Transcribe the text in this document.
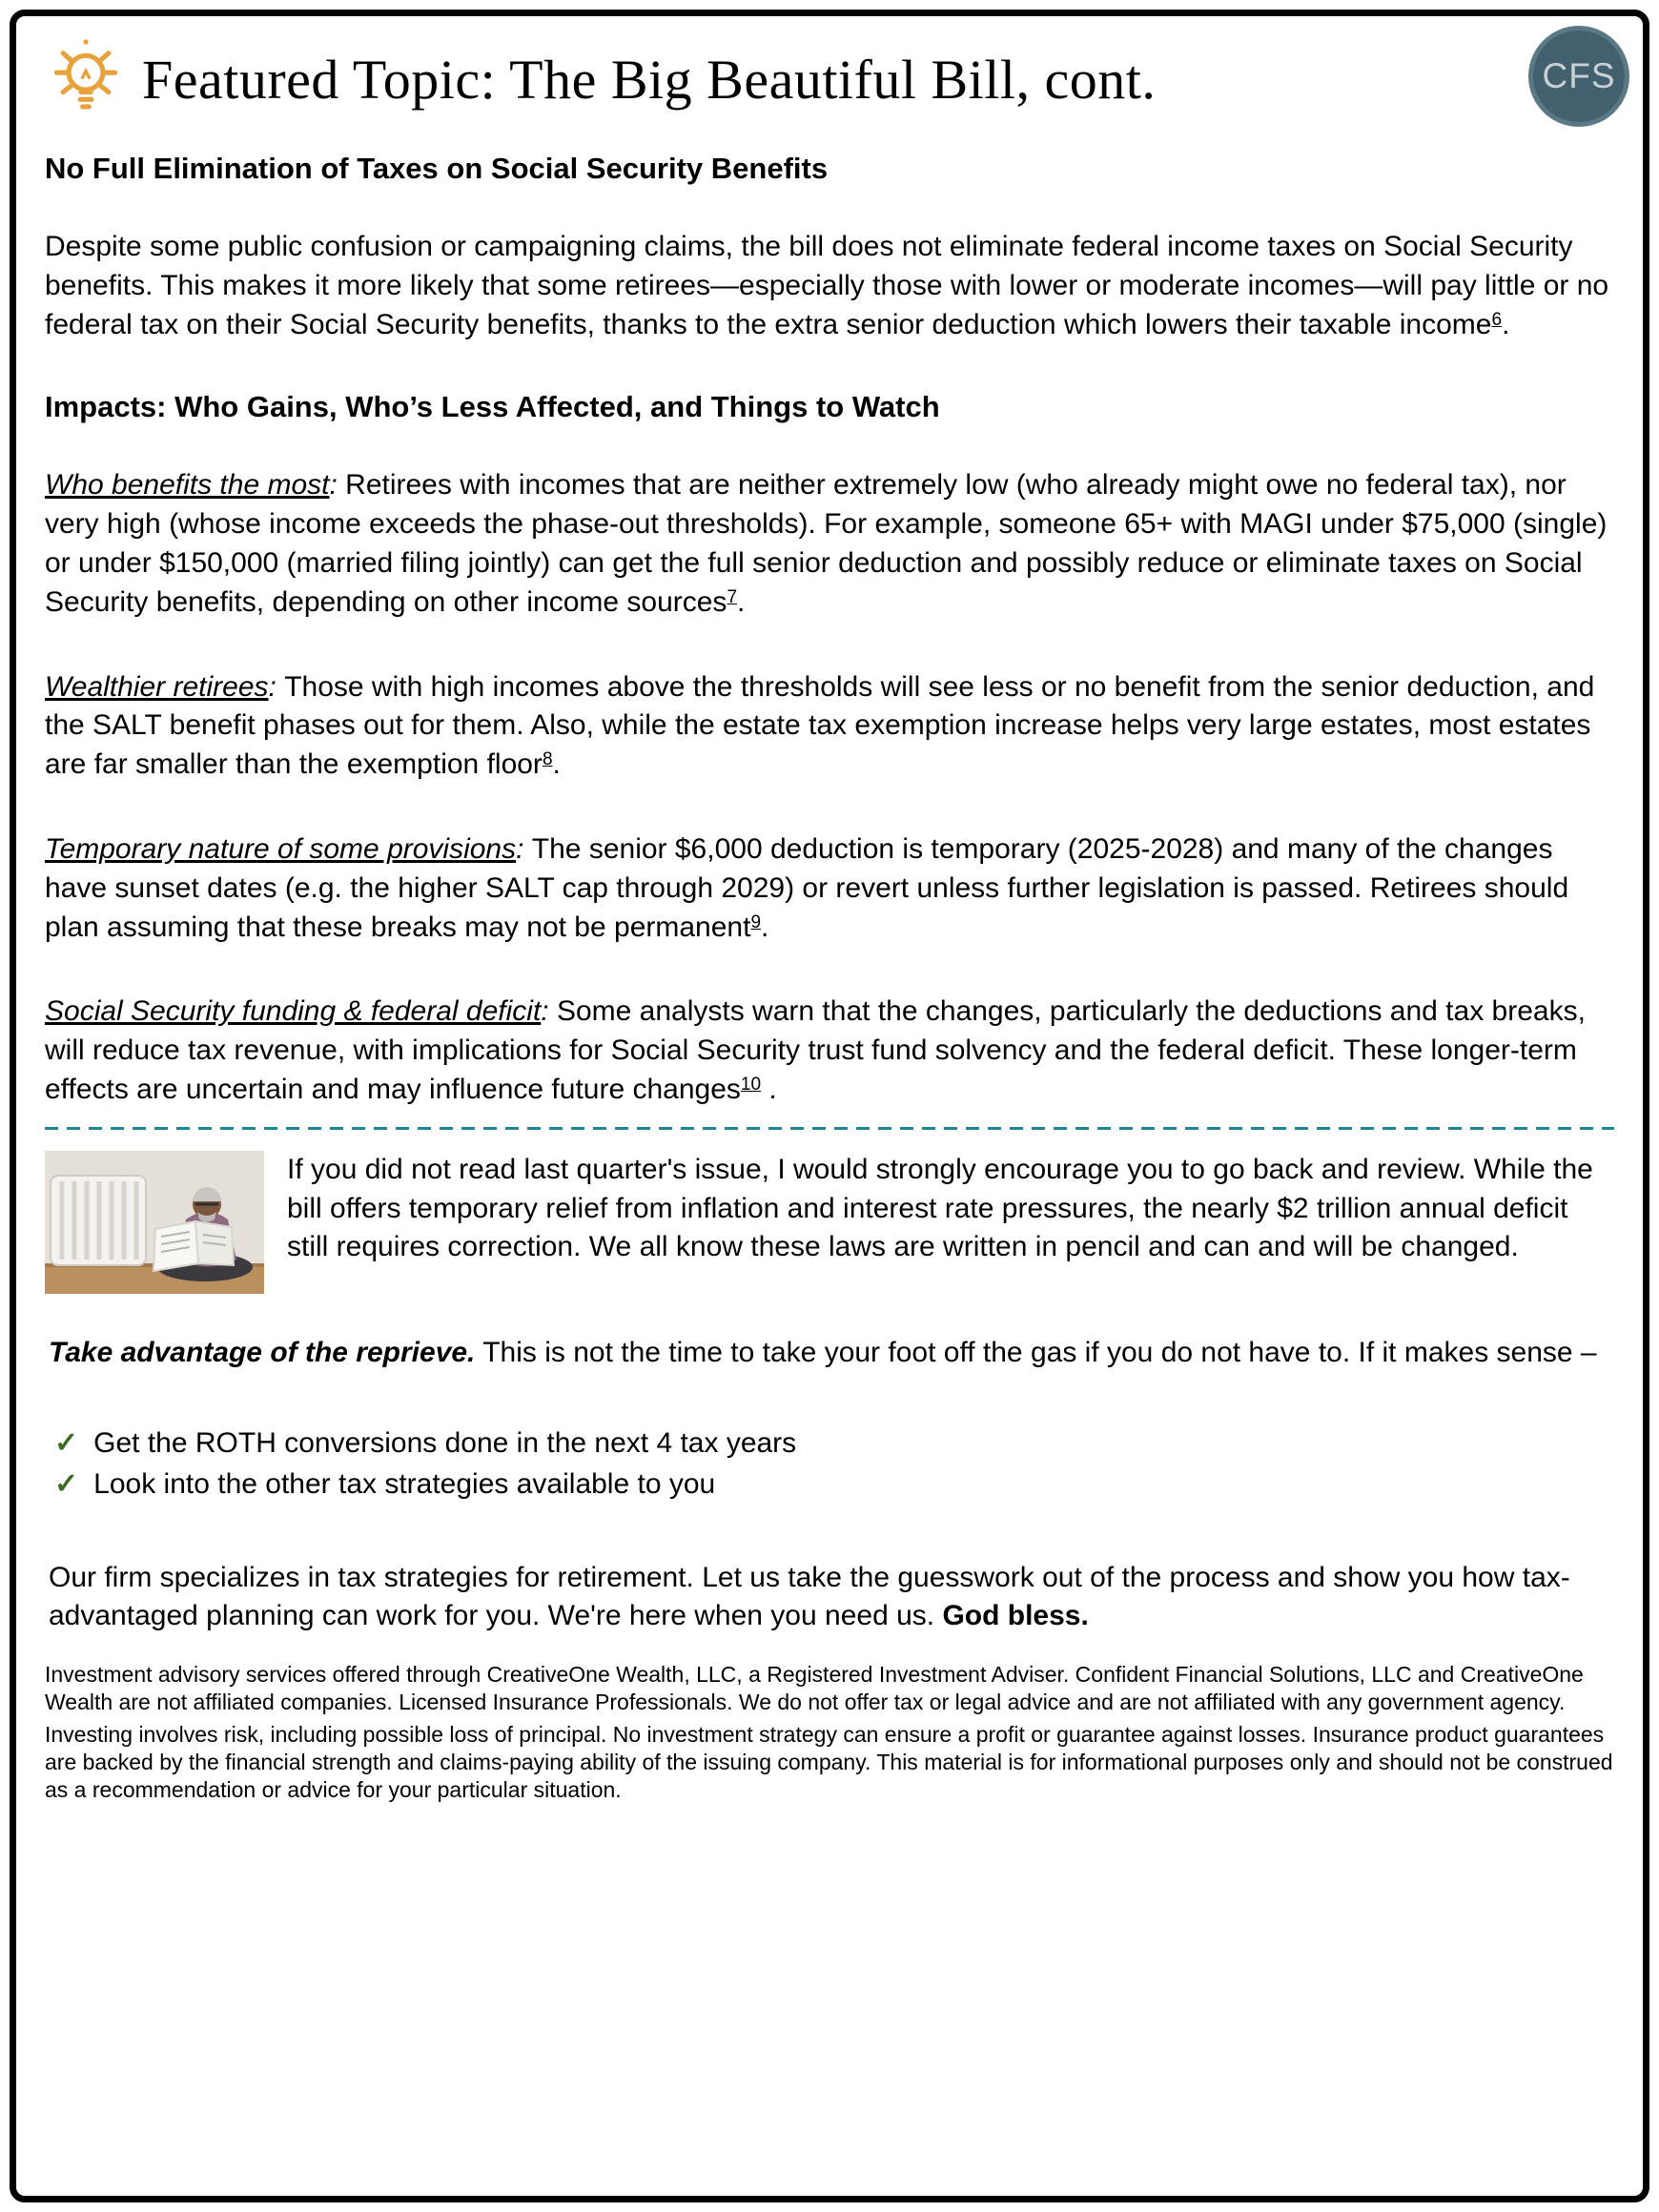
CFS
Featured Topic: The Big Beautiful Bill, cont.
No Full Elimination of Taxes on Social Security Benefits

Despite some public confusion or campaigning claims, the bill does not eliminate federal income taxes on Social Security benefits. This makes it more likely that some retirees—especially those with lower or moderate incomes—will pay little or no federal tax on their Social Security benefits, thanks to the extra senior deduction which lowers their taxable income$^6$.

Impacts: Who Gains, Who’s Less Affected, and Things to Watch

Who benefits the most: Retirees with incomes that are neither extremely low (who already might owe no federal tax), nor very high (whose income exceeds the phase-out thresholds). For example, someone 65+ with MAGI under $75,000 (single) or under $150,000 (married filing jointly) can get the full senior deduction and possibly reduce or eliminate taxes on Social Security benefits, depending on other income sources$^7$.

Wealthier retirees: Those with high incomes above the thresholds will see less or no benefit from the senior deduction, and the SALT benefit phases out for them. Also, while the estate tax exemption increase helps very large estates, most estates are far smaller than the exemption floor$^8$.

Temporary nature of some provisions: The senior $6,000 deduction is temporary (2025-2028) and many of the changes have sunset dates (e.g. the higher SALT cap through 2029) or revert unless further legislation is passed. Retirees should plan assuming that these breaks may not be permanent$^9$.

Social Security funding & federal deficit: Some analysts warn that the changes, particularly the deductions and tax breaks, will reduce tax revenue, with implications for Social Security trust fund solvency and the federal deficit. These longer-term effects are uncertain and may influence future changes$^{10}$ .

If you did not read last quarter's issue, I would strongly encourage you to go back and review. While the bill offers temporary relief from inflation and interest rate pressures, the nearly $2 trillion annual deficit still requires correction. We all know these laws are written in pencil and can and will be changed.

Take advantage of the reprieve. This is not the time to take your foot off the gas if you do not have to. If it makes sense –

✓ Get the ROTH conversions done in the next 4 tax years
✓ Look into the other tax strategies available to you

Our firm specializes in tax strategies for retirement. Let us take the guesswork out of the process and show you how tax-advantaged planning can work for you. We're here when you need us. God bless.

Investment advisory services offered through CreativeOne Wealth, LLC, a Registered Investment Adviser. Confident Financial Solutions, LLC and CreativeOne Wealth are not affiliated companies. Licensed Insurance Professionals. We do not offer tax or legal advice and are not affiliated with any government agency.

Investing involves risk, including possible loss of principal. No investment strategy can ensure a profit or guarantee against losses. Insurance product guarantees are backed by the financial strength and claims-paying ability of the issuing company. This material is for informational purposes only and should not be construed as a recommendation or advice for your particular situation.
